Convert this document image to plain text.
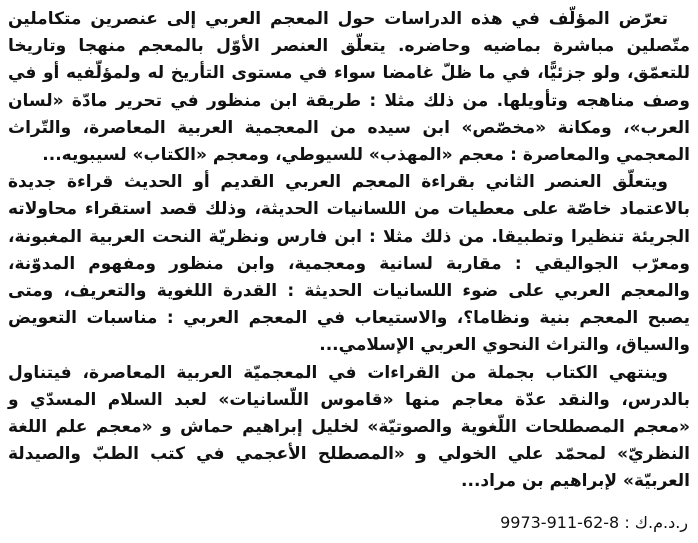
تعرّض المؤلّف في هذه الدراسات حول المعجم العربي إلى عنصرين متكاملين متّصلين مباشرة بماضيه وحاضره. يتعلّق العنصر الأوّل بالمعجم منهجا وتاريخا للتعمّق، ولو جزئيًّا، في ما ظلّ غامضا سواء في مستوى التأريخ له ولمؤلّفيه أو في وصف مناهجه وتأويلها. من ذلك مثلا : طريقة ابن منظور في تحرير مادّة «لسان العرب»، ومكانة «مخصّص» ابن سيده من المعجمية العربية المعاصرة، والتّراث المعجمي والمعاصرة : معجم «المهذب» للسيوطي، ومعجم «الكتاب» لسيبويه...

ويتعلّق العنصر الثاني بقراءة المعجم العربي القديم أو الحديث قراءة جديدة بالاعتماد خاصّة على معطيات من اللسانيات الحديثة، وذلك قصد استقراء محاولاته الجريئة تنظيرا وتطبيقا. من ذلك مثلا : ابن فارس ونظريّة النحت العربية المغبونة، ومعرّب الجواليقي : مقاربة لسانية ومعجمية، وابن منظور ومفهوم المدوّنة، والمعجم العربي على ضوء اللسانيات الحديثة : القدرة اللغوية والتعريف، ومتى يصبح المعجم بنية ونظاما؟، والاستيعاب في المعجم العربي : مناسبات التعويض والسياق، والتراث النحوي العربي الإسلامي...

وينتهي الكتاب بجملة من القراءات في المعجميّة العربية المعاصرة، فيتناول بالدرس، والنقد عدّة معاجم منها «قاموس اللّسانيات» لعبد السلام المسدّي و «معجم المصطلحات اللّغوية والصوتيّة» لخليل إبراهيم حماش و «معجم علم اللغة النظريّ» لمحمّد علي الخولي و «المصطلح الأعجمي في كتب الطبّ والصيدلة العربيّة» لإبراهيم بن مراد...

ر.د.م.ك : 8-62-911-9973
